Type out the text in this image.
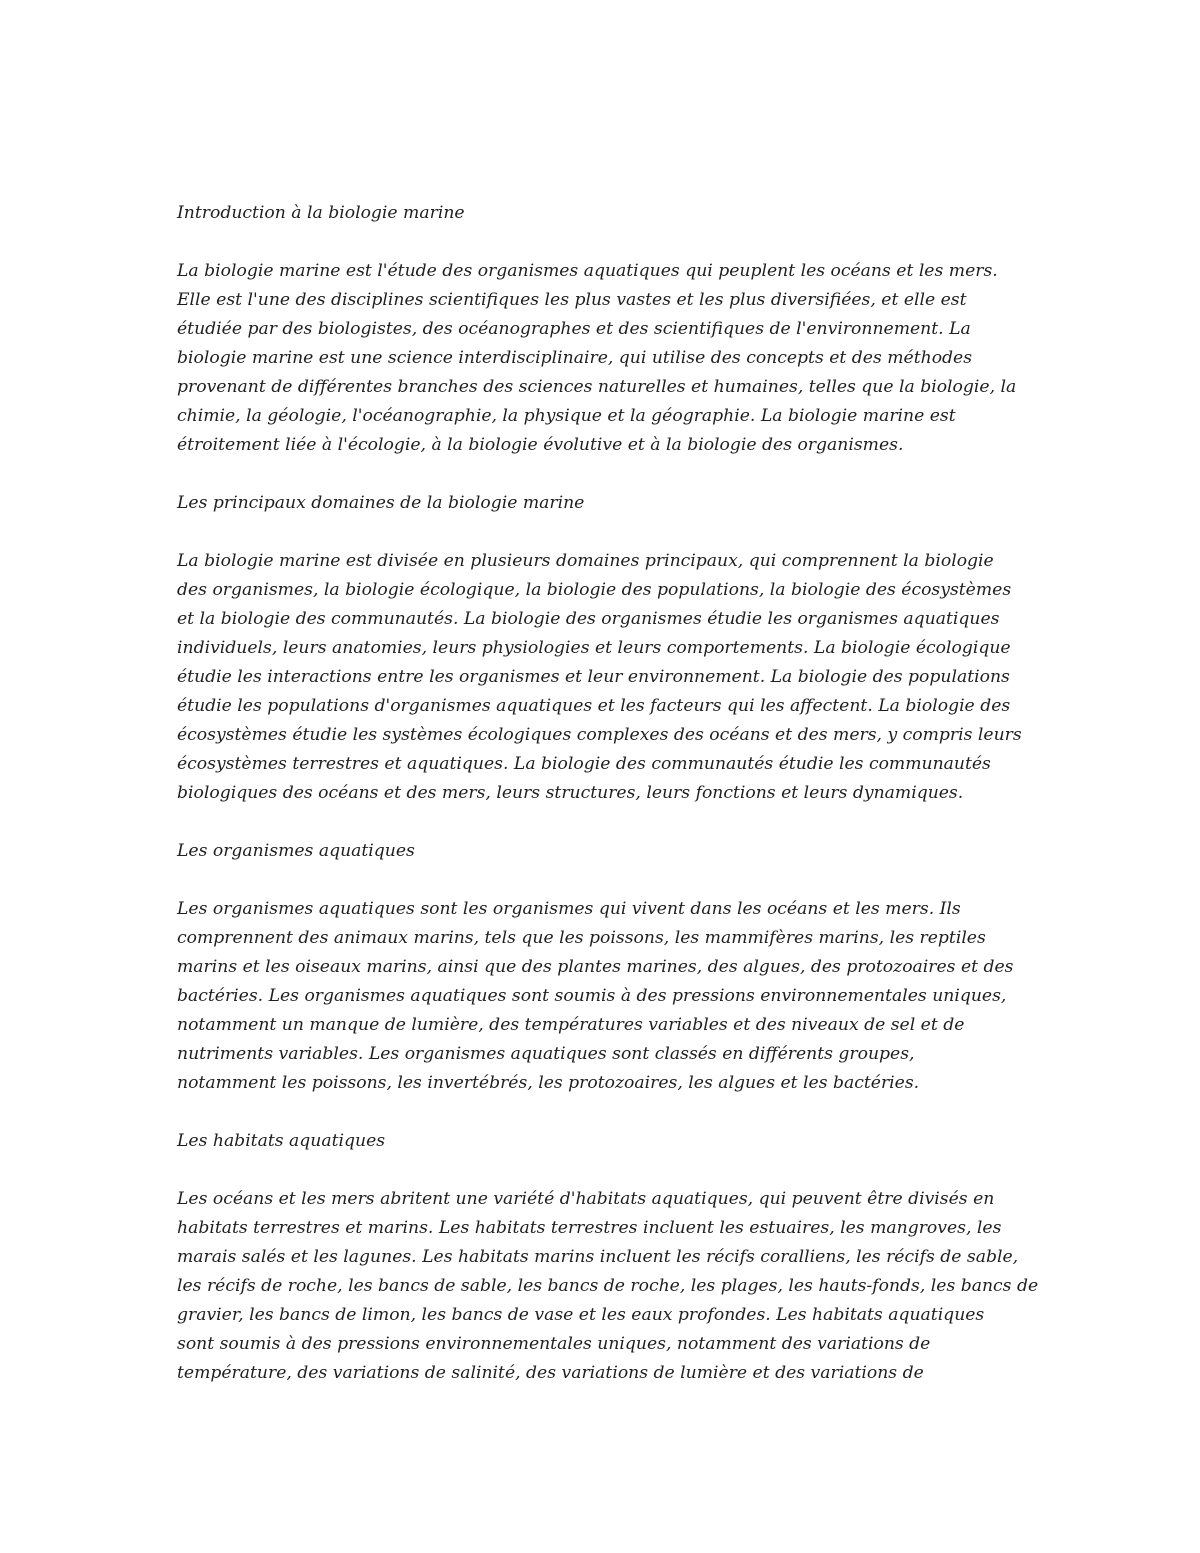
Introduction à la biologie marine

La biologie marine est l'étude des organismes aquatiques qui peuplent les océans et les mers.
Elle est l'une des disciplines scientifiques les plus vastes et les plus diversifiées, et elle est
étudiée par des biologistes, des océanographes et des scientifiques de l'environnement. La
biologie marine est une science interdisciplinaire, qui utilise des concepts et des méthodes
provenant de différentes branches des sciences naturelles et humaines, telles que la biologie, la
chimie, la géologie, l'océanographie, la physique et la géographie. La biologie marine est
étroitement liée à l'écologie, à la biologie évolutive et à la biologie des organismes.

Les principaux domaines de la biologie marine

La biologie marine est divisée en plusieurs domaines principaux, qui comprennent la biologie
des organismes, la biologie écologique, la biologie des populations, la biologie des écosystèmes
et la biologie des communautés. La biologie des organismes étudie les organismes aquatiques
individuels, leurs anatomies, leurs physiologies et leurs comportements. La biologie écologique
étudie les interactions entre les organismes et leur environnement. La biologie des populations
étudie les populations d'organismes aquatiques et les facteurs qui les affectent. La biologie des
écosystèmes étudie les systèmes écologiques complexes des océans et des mers, y compris leurs
écosystèmes terrestres et aquatiques. La biologie des communautés étudie les communautés
biologiques des océans et des mers, leurs structures, leurs fonctions et leurs dynamiques.

Les organismes aquatiques

Les organismes aquatiques sont les organismes qui vivent dans les océans et les mers. Ils
comprennent des animaux marins, tels que les poissons, les mammifères marins, les reptiles
marins et les oiseaux marins, ainsi que des plantes marines, des algues, des protozoaires et des
bactéries. Les organismes aquatiques sont soumis à des pressions environnementales uniques,
notamment un manque de lumière, des températures variables et des niveaux de sel et de
nutriments variables. Les organismes aquatiques sont classés en différents groupes,
notamment les poissons, les invertébrés, les protozoaires, les algues et les bactéries.

Les habitats aquatiques

Les océans et les mers abritent une variété d'habitats aquatiques, qui peuvent être divisés en
habitats terrestres et marins. Les habitats terrestres incluent les estuaires, les mangroves, les
marais salés et les lagunes. Les habitats marins incluent les récifs coralliens, les récifs de sable,
les récifs de roche, les bancs de sable, les bancs de roche, les plages, les hauts-fonds, les bancs de
gravier, les bancs de limon, les bancs de vase et les eaux profondes. Les habitats aquatiques
sont soumis à des pressions environnementales uniques, notamment des variations de
température, des variations de salinité, des variations de lumière et des variations de
